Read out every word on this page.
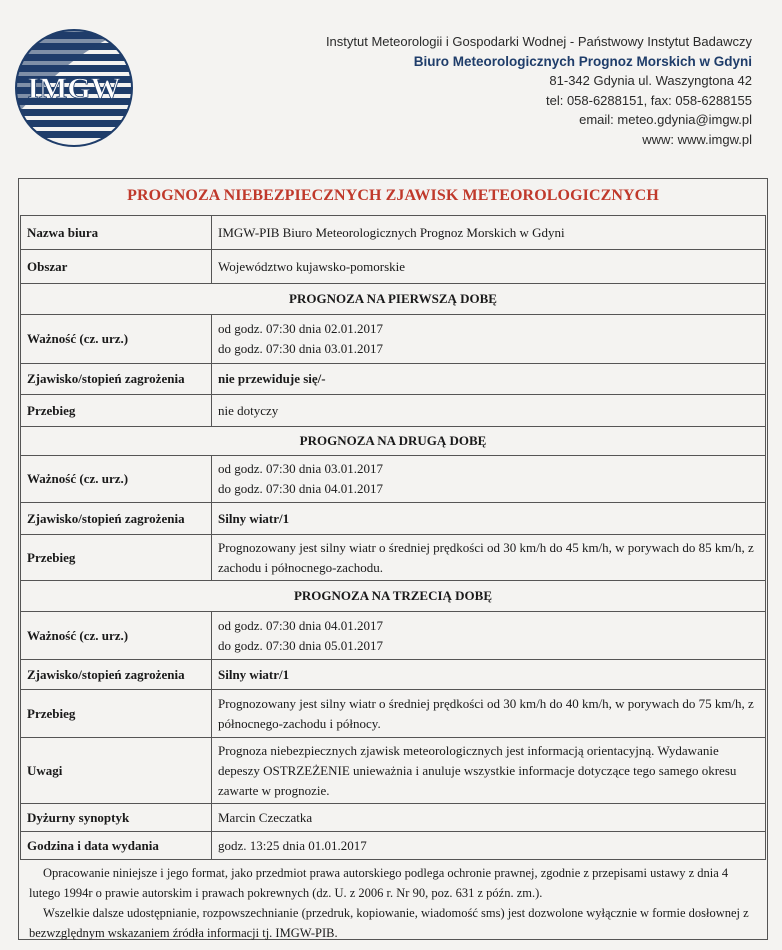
IMGW
Instytut Meteorologii i Gospodarki Wodnej - Państwowy Instytut Badawczy
Biuro Meteorologicznych Prognoz Morskich w Gdyni
81-342 Gdynia ul. Waszyngtona 42
tel: 058-6288151, fax: 058-6288155
email: meteo.gdynia@imgw.pl
www: www.imgw.pl
PROGNOZA NIEBEZPIECZNYCH ZJAWISK METEOROLOGICZNYCH
Nazwa biura	IMGW-PIB Biuro Meteorologicznych Prognoz Morskich w Gdyni
Obszar	Województwo kujawsko-pomorskie
PROGNOZA NA PIERWSZĄ DOBĘ	
Ważność (cz. urz.)	od godz. 07:30 dnia 02.01.2017
do godz. 07:30 dnia 03.01.2017

Zjawisko/stopień zagrożenia	nie przewiduje się/-
Przebieg	nie dotyczy
PROGNOZA NA DRUGĄ DOBĘ	
Ważność (cz. urz.)	od godz. 07:30 dnia 03.01.2017
do godz. 07:30 dnia 04.01.2017

Zjawisko/stopień zagrożenia	Silny wiatr/1
Przebieg	Prognozowany jest silny wiatr o średniej prędkości od 30 km/h do 45 km/h, w porywach do 85 km/h, z zachodu i północnego-zachodu.
PROGNOZA NA TRZECIĄ DOBĘ	
Ważność (cz. urz.)	od godz. 07:30 dnia 04.01.2017
do godz. 07:30 dnia 05.01.2017

Zjawisko/stopień zagrożenia	Silny wiatr/1
Przebieg	Prognozowany jest silny wiatr o średniej prędkości od 30 km/h do 40 km/h, w porywach do 75 km/h, z północnego-zachodu i północy.
Uwagi	Prognoza niebezpiecznych zjawisk meteorologicznych jest informacją orientacyjną. Wydawanie depeszy OSTRZEŻENIE unieważnia i anuluje wszystkie informacje dotyczące tego samego okresu zawarte w prognozie.
Dyżurny synoptyk	Marcin Czeczatka
Godzina i data wydania	godz. 13:25 dnia 01.01.2017

Opracowanie niniejsze i jego format, jako przedmiot prawa autorskiego podlega ochronie prawnej, zgodnie z przepisami ustawy z dnia 4 lutego 1994r o prawie autorskim i prawach pokrewnych (dz. U. z 2006 r. Nr 90, poz. 631 z późn. zm.).

Wszelkie dalsze udostępnianie, rozpowszechnianie (przedruk, kopiowanie, wiadomość sms) jest dozwolone wyłącznie w formie dosłownej z bezwzględnym wskazaniem źródła informacji tj. IMGW-PIB.
